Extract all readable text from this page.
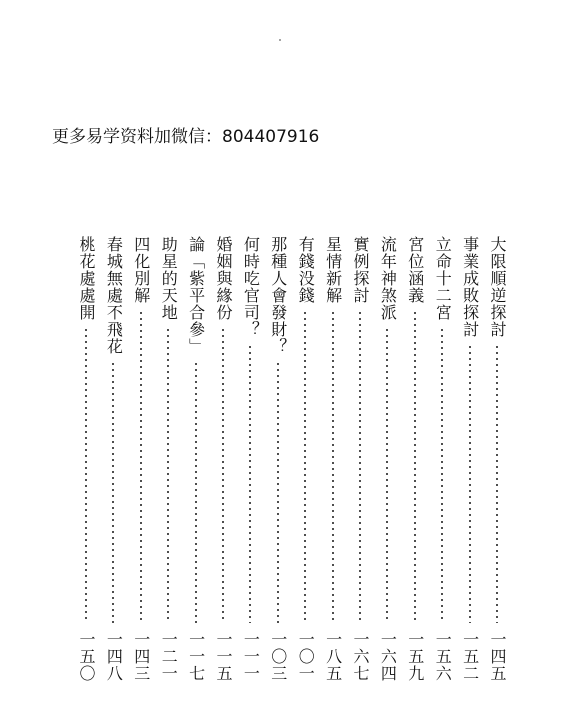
更多易学资料加微信：804407916
大限順逆探討
一四五
事業成敗探討
一五二
立命十二宮
一五六
宮位涵義
一五九
流年神煞派
一六四
實例探討
一六七
星情新解
一八五
有錢没錢
一〇一
那種人會發財？
一〇三
何時吃官司？
一一一
婚姻與緣份
一一五
論「紫平合參」
一一七
助星的天地
一二一
四化別解
一四三
春城無處不飛花
一四八
桃花處處開
一五〇
